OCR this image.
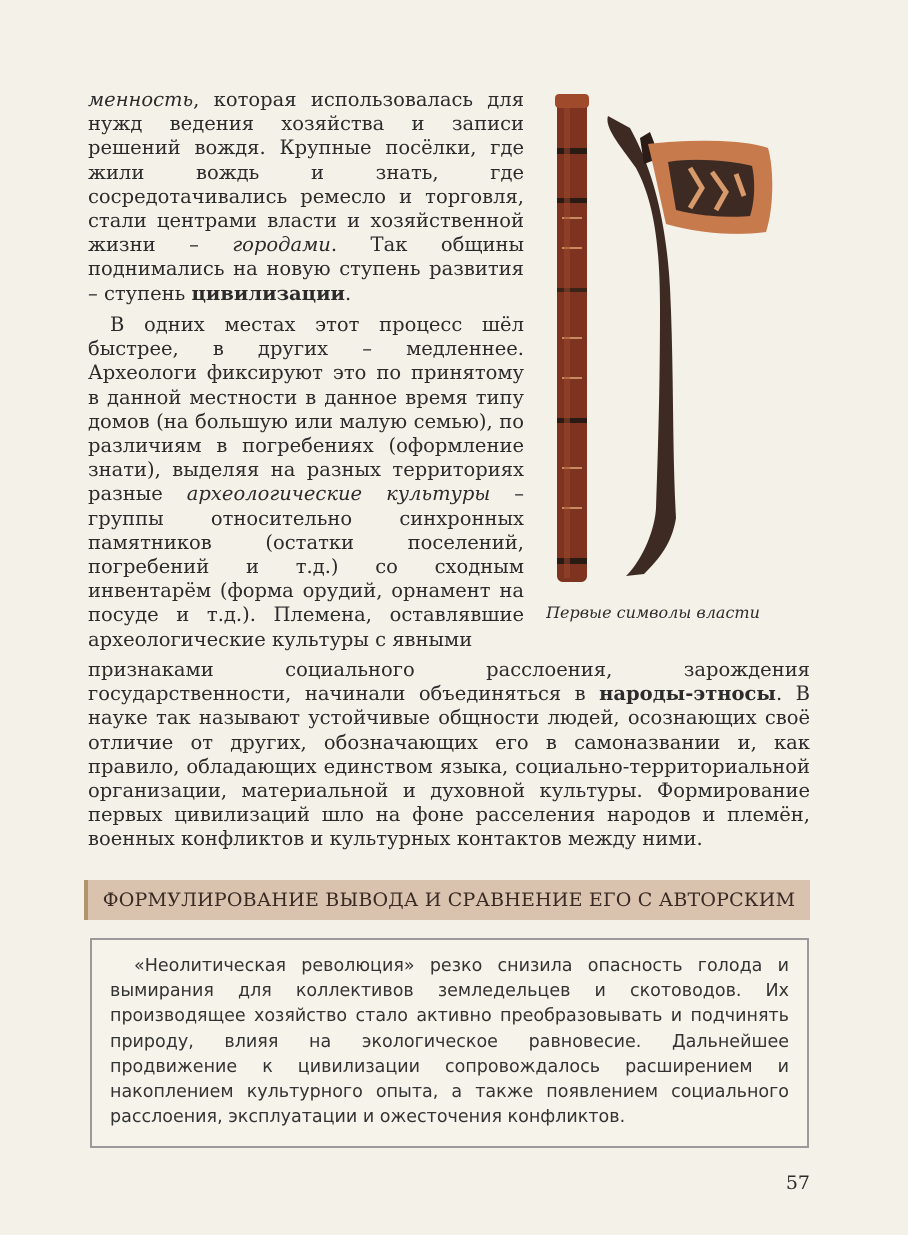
менность, которая использовалась для нужд ведения хозяйства и записи решений вождя. Крупные посёлки, где жили вождь и знать, где сосредотачивались ремесло и торговля, стали центрами власти и хозяйственной жизни – городами. Так общины поднимались на новую ступень развития – ступень цивилизации.

В одних местах этот процесс шёл быстрее, в других – медленнее. Археологи фиксируют это по принятому в данной местности в данное время типу домов (на большую или малую семью), по различиям в погребениях (оформление знати), выделяя на разных территориях разные археологические культуры – группы относительно синхронных памятников (остатки поселений, погребений и т.д.) со сходным инвентарём (форма орудий, орнамент на посуде и т.д.). Племена, оставлявшие археологические культуры с явными

признаками социального расслоения, зарождения государственности, начинали объединяться в народы-этносы. В науке так называют устойчивые общности людей, осознающих своё отличие от других, обозначающих его в самоназвании и, как правило, обладающих единством языка, социально-территориальной организации, материальной и духовной культуры. Формирование первых цивилизаций шло на фоне расселения народов и племён, военных конфликтов и культурных контактов между ними.

Первые символы власти

ФОРМУЛИРОВАНИЕ ВЫВОДА И СРАВНЕНИЕ ЕГО С АВТОРСКИМ

«Неолитическая революция» резко снизила опасность голода и вымирания для коллективов земледельцев и скотоводов. Их производящее хозяйство стало активно преобразовывать и подчинять природу, влияя на экологическое равновесие. Дальнейшее продвижение к цивилизации сопровождалось расширением и накоплением культурного опыта, а также появлением социального расслоения, эксплуатации и ожесточения конфликтов.

57
